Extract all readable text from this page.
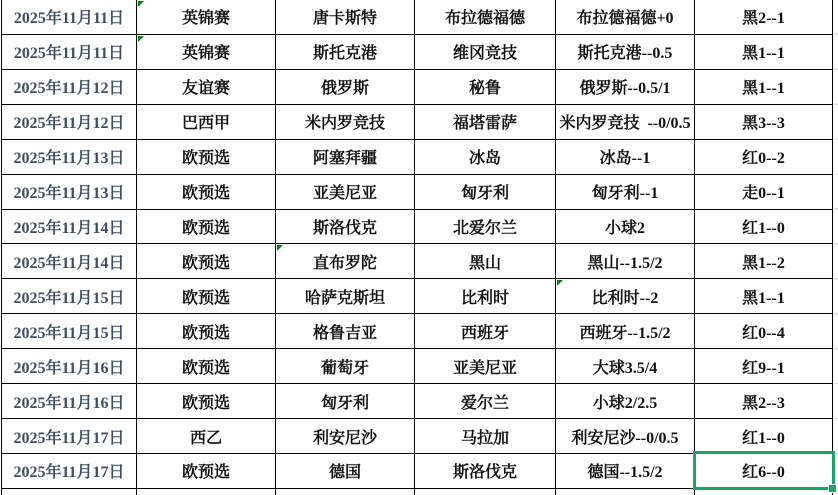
2025年11月11日	英锦赛	唐卡斯特	布拉德福德	布拉德福德+0	黑2--1
2025年11月11日	英锦赛	斯托克港	维冈竞技	斯托克港--0.5	黑1--1
2025年11月12日	友谊赛	俄罗斯	秘鲁	俄罗斯--0.5/1	黑1--1
2025年11月12日	巴西甲	米内罗竞技	福塔雷萨	米内罗竞技  --0/0.5	黑3--3
2025年11月13日	欧预选	阿塞拜疆	冰岛	冰岛--1	红0--2
2025年11月13日	欧预选	亚美尼亚	匈牙利	匈牙利--1	走0--1
2025年11月14日	欧预选	斯洛伐克	北爱尔兰	小球2	红1--0
2025年11月14日	欧预选	直布罗陀	黑山	黑山--1.5/2	黑1--2
2025年11月15日	欧预选	哈萨克斯坦	比利时	比利时--2	黑1--1
2025年11月15日	欧预选	格鲁吉亚	西班牙	西班牙--1.5/2	红0--4
2025年11月16日	欧预选	葡萄牙	亚美尼亚	大球3.5/4	红9--1
2025年11月16日	欧预选	匈牙利	爱尔兰	小球2/2.5	黑2--3
2025年11月17日	西乙	利安尼沙	马拉加	利安尼沙--0/0.5	红1--0
2025年11月17日	欧预选	德国	斯洛伐克	德国--1.5/2	红6--0
